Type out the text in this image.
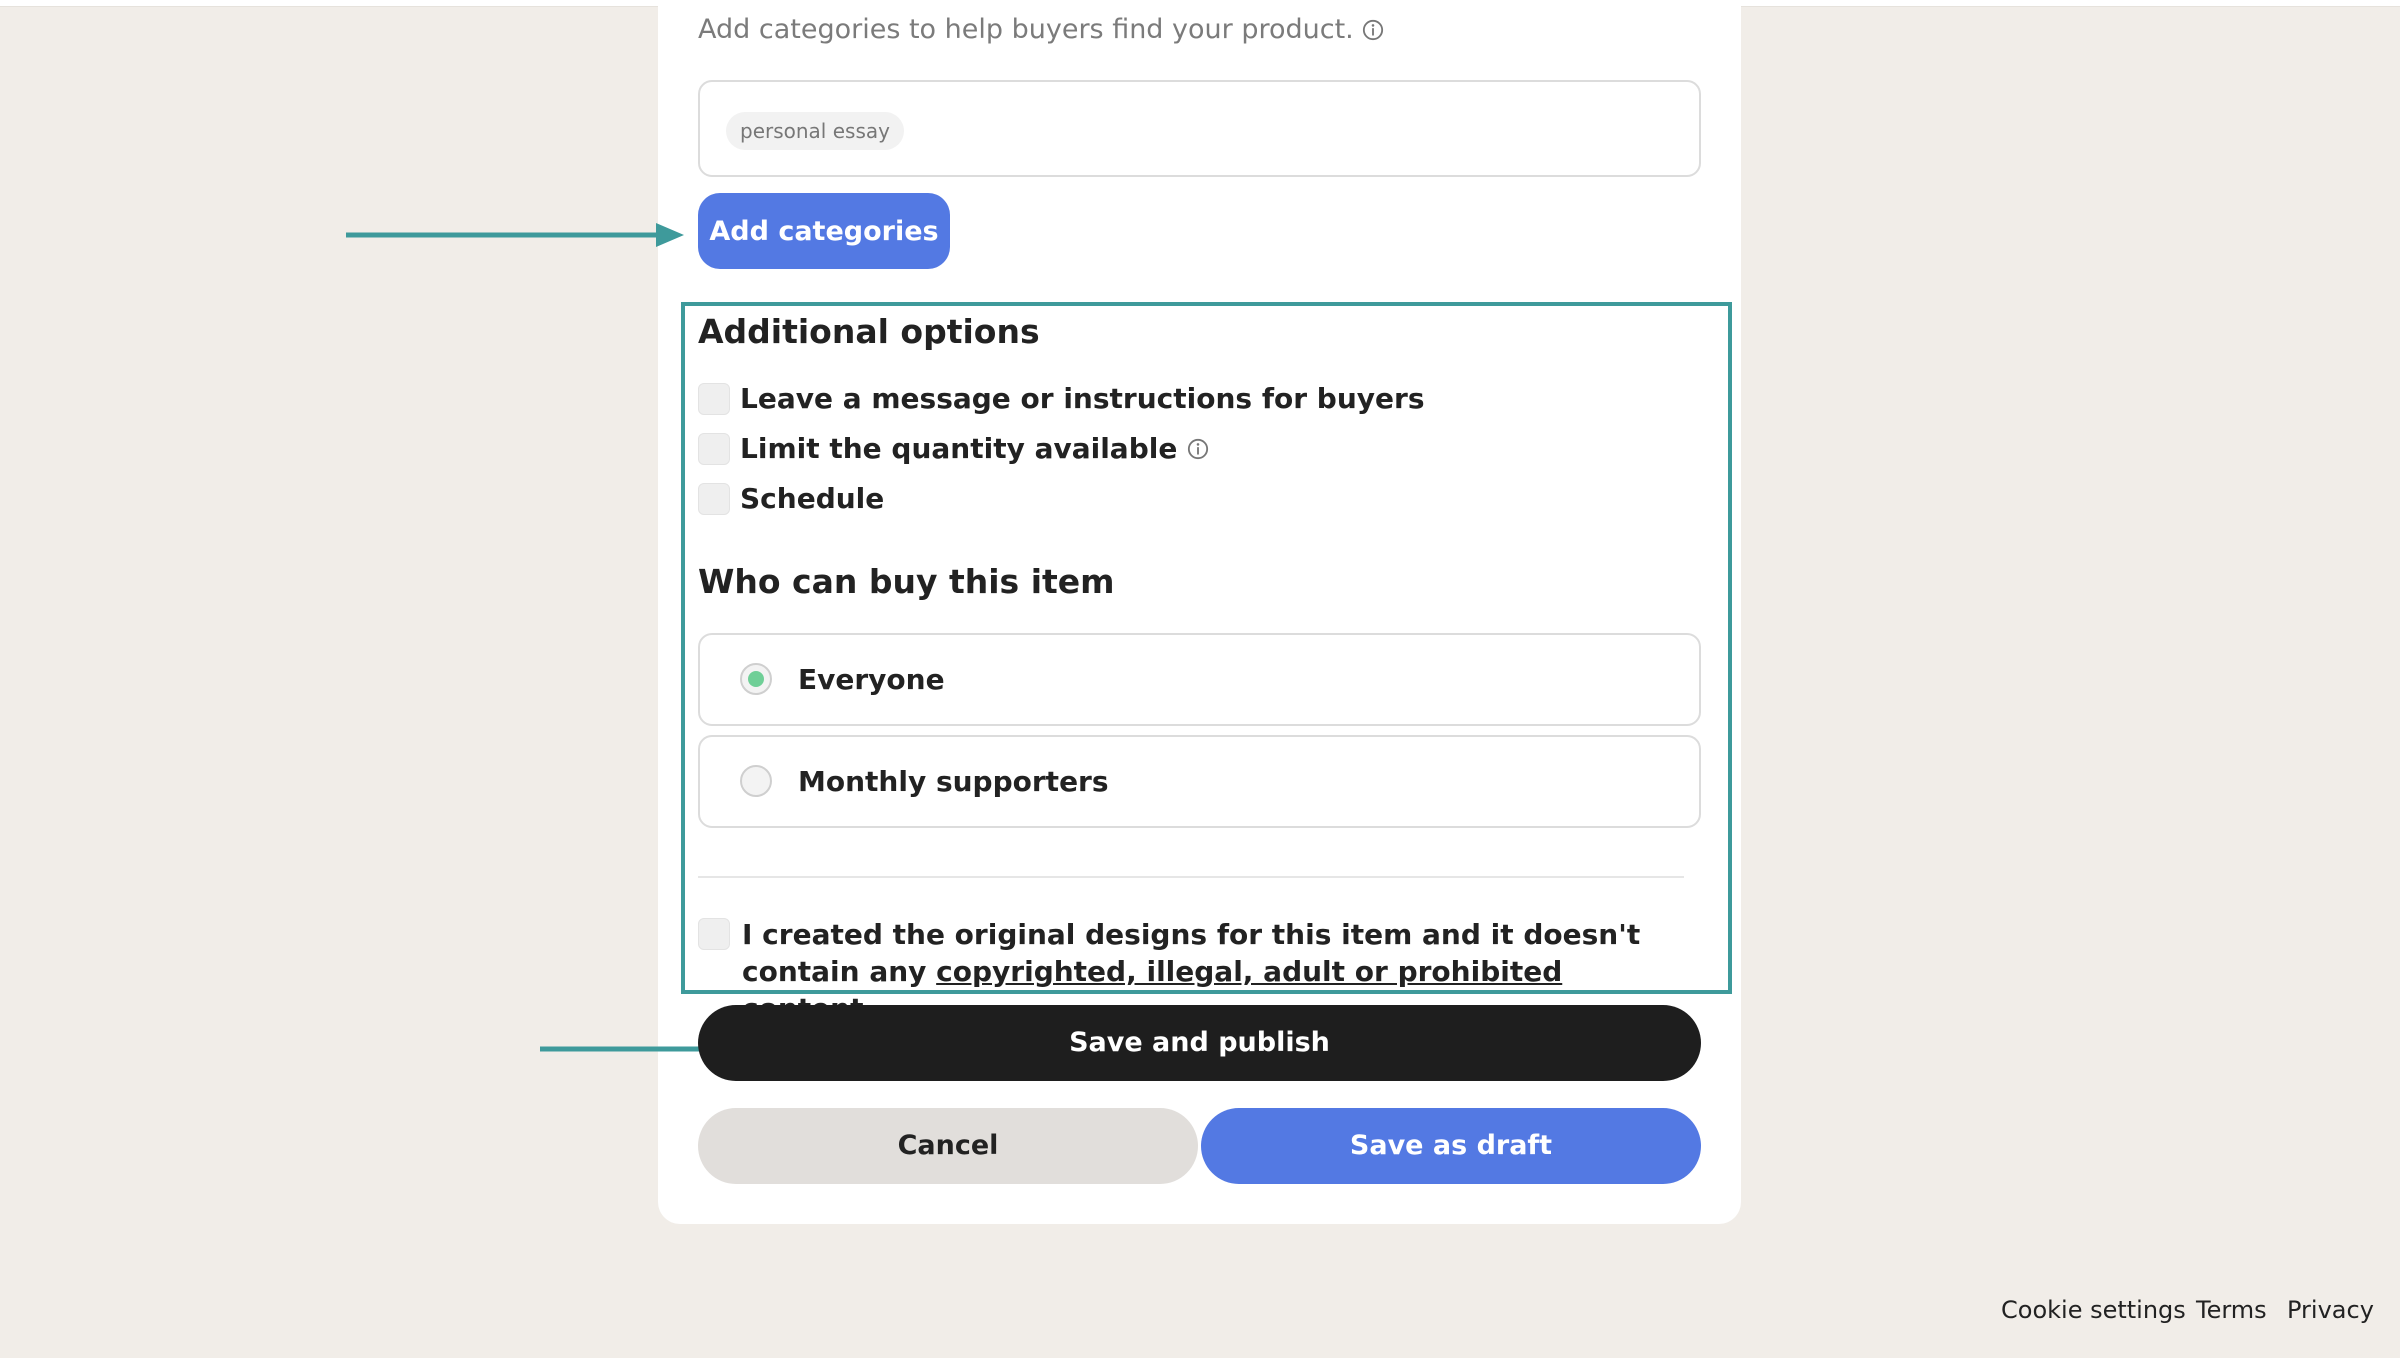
Add categories to help buyers find your product.
personal essay
Add categories
Additional options
Leave a message or instructions for buyers
Limit the quantity available
Schedule
Who can buy this item
Everyone
Monthly supporters
I created the original designs for this item and it doesn't contain any copyrighted, illegal, adult or prohibited
Save and publish
Cancel	Save as draft
Cookie settings Terms Privacy
